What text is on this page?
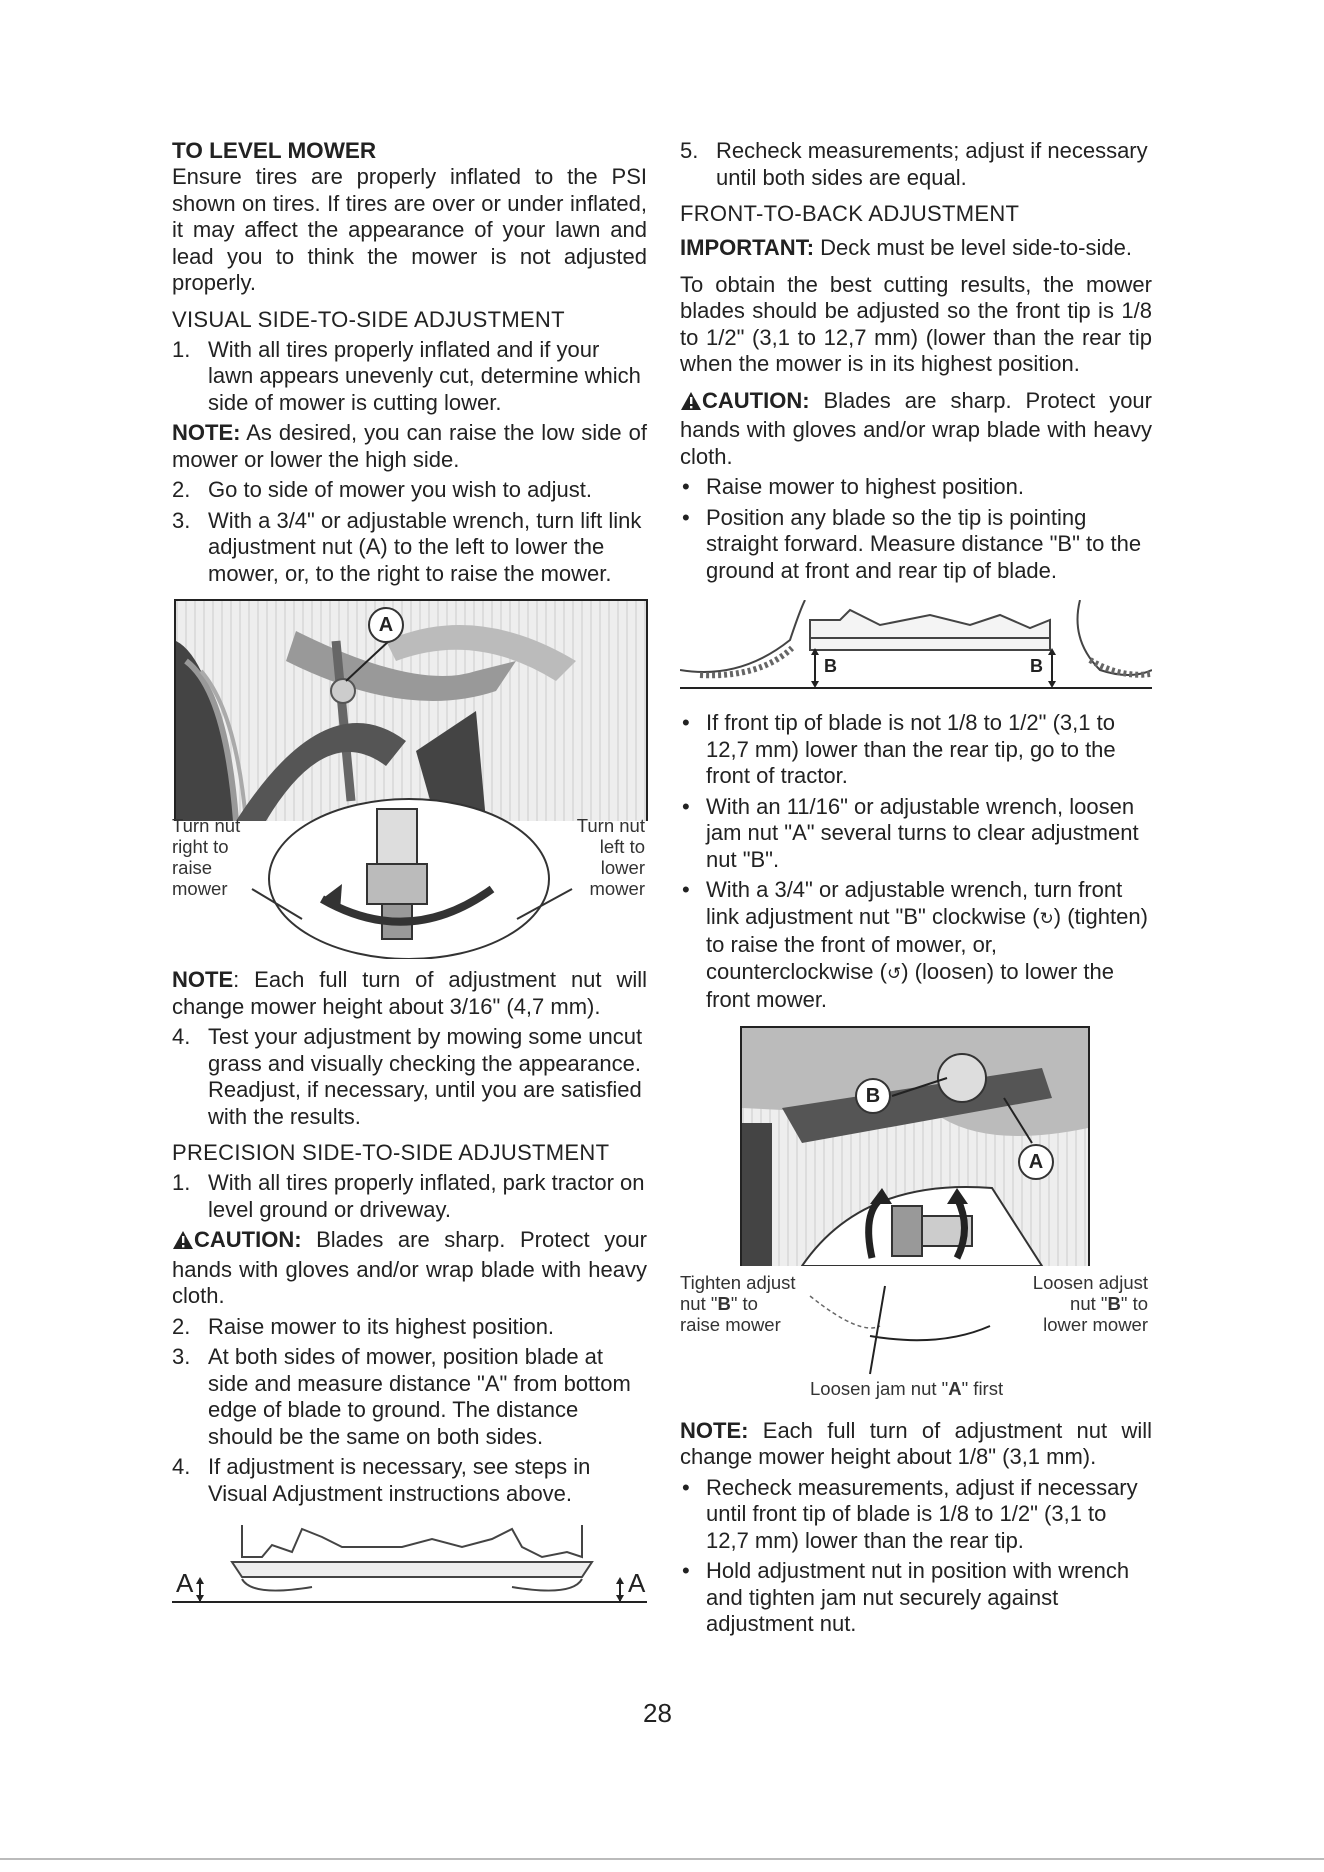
TO LEVEL MOWER

Ensure tires are properly inflated to the PSI shown on tires. If tires are over or under inflated, it may affect the appearance of your lawn and lead you to think the mower is not adjusted properly.

VISUAL SIDE-TO-SIDE ADJUSTMENT

1. With all tires properly inflated and if your lawn appears unevenly cut, determine which side of mower is cutting lower.

NOTE: As desired, you can raise the low side of mower or lower the high side.

2. Go to side of mower you wish to adjust.
3. With a 3/4" or adjustable wrench, turn lift link adjustment nut (A) to the left to lower the mower, or, to the right to raise the mower.
A
Turn nut
right to
raise
mower
Turn nut
left to
lower
mower

NOTE: Each full turn of adjustment nut will change mower height about 3/16" (4,7 mm).

4. Test your adjustment by mowing some uncut grass and visually checking the appearance. Readjust, if necessary, until you are satisfied with the results.

PRECISION SIDE-TO-SIDE ADJUSTMENT

1. With all tires properly inflated, park tractor on level ground or driveway.

CAUTION: Blades are sharp. Protect your hands with gloves and/or wrap blade with heavy cloth.

2. Raise mower to its highest position.
3. At both sides of mower, position blade at side and measure distance "A" from bottom edge of blade to ground. The distance should be the same on both sides.
4. If adjustment is necessary, see steps in Visual Adjustment instructions above.
A	A
5. Recheck measurements; adjust if necessary until both sides are equal.

FRONT-TO-BACK ADJUSTMENT

IMPORTANT: Deck must be level side-to-side.

To obtain the best cutting results, the mower blades should be adjusted so the front tip is 1/8 to 1/2" (3,1 to 12,7 mm) (lower than the rear tip when the mower is in its highest position.

CAUTION: Blades are sharp. Protect your hands with gloves and/or wrap blade with heavy cloth.

• Raise mower to highest position.
• Position any blade so the tip is pointing straight forward. Measure distance "B" to the ground at front and rear tip of blade.
B	B
• If front tip of blade is not 1/8 to 1/2" (3,1 to 12,7 mm) lower than the rear tip, go to the front of tractor.
• With an 11/16" or adjustable wrench, loosen jam nut "A" several turns to clear adjustment nut "B".
• With a 3/4" or adjustable wrench, turn front link adjustment nut "B" clockwise (↻) (tighten) to raise the front of mower, or, counterclockwise (↺) (loosen) to lower the front mower.
B
A
Tighten adjust
nut "B" to
raise mower
Loosen adjust
nut "B" to
lower mower
Loosen jam nut "A" first

NOTE: Each full turn of adjustment nut will change mower height about 1/8" (3,1 mm).

• Recheck measurements, adjust if necessary until front tip of blade is 1/8 to 1/2" (3,1 to 12,7 mm) lower than the rear tip.
• Hold adjustment nut in position with wrench and tighten jam nut securely against adjustment nut.
28
